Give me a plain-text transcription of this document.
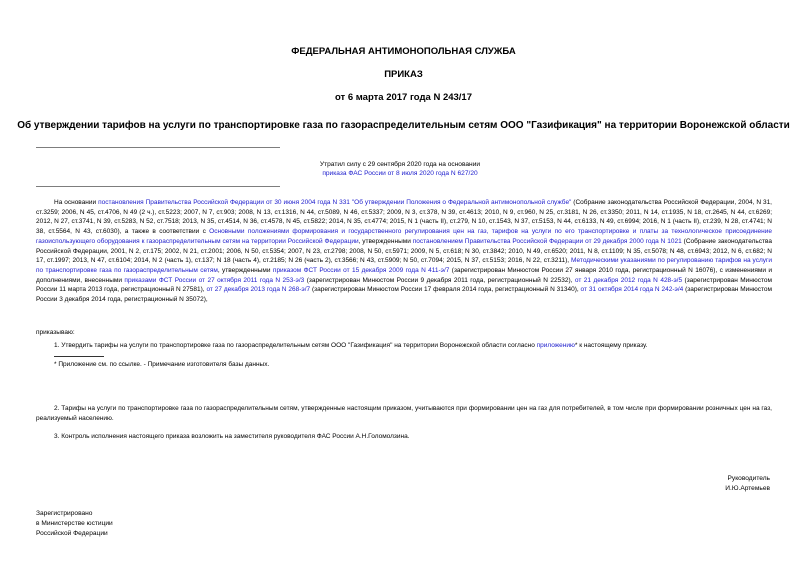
ФЕДЕРАЛЬНАЯ АНТИМОНОПОЛЬНАЯ СЛУЖБА
ПРИКАЗ
от 6 марта 2017 года N 243/17
Об утверждении тарифов на услуги по транспортировке газа по газораспределительным сетям ООО "Газификация" на территории Воронежской области
Утратил силу с 29 сентября 2020 года на основании
приказа ФАС России от 8 июля 2020 года N 627/20

На основании постановления Правительства Российской Федерации от 30 июня 2004 года N 331 "Об утверждении Положения о Федеральной антимонопольной службе" (Собрание законодательства Российской Федерации, 2004, N 31, ст.3259; 2006, N 45, ст.4706, N 49 (2 ч.), ст.5223; 2007, N 7, ст.903; 2008, N 13, ст.1316, N 44, ст.5089, N 46, ст.5337; 2009, N 3, ст.378, N 39, ст.4613; 2010, N 9, ст.960, N 25, ст.3181, N 26, ст.3350; 2011, N 14, ст.1935, N 18, ст.2645, N 44, ст.6269; 2012, N 27, ст.3741, N 39, ст.5283, N 52, ст.7518; 2013, N 35, ст.4514, N 36, ст.4578, N 45, ст.5822; 2014, N 35, ст.4774; 2015, N 1 (часть II), ст.279, N 10, ст.1543, N 37, ст.5153, N 44, ст.6133, N 49, ст.6994; 2016, N 1 (часть II), ст.239, N 28, ст.4741; N 38, ст.5564, N 43, ст.6030), а также в соответствии с Основными положениями формирования и государственного регулирования цен на газ, тарифов на услуги по его транспортировке и платы за технологическое присоединение газоиспользующего оборудования к газораспределительным сетям на территории Российской Федерации, утвержденными постановлением Правительства Российской Федерации от 29 декабря 2000 года N 1021 (Собрание законодательства Российской Федерации, 2001, N 2, ст.175; 2002, N 21, ст.2001; 2006, N 50, ст.5354; 2007, N 23, ст.2798; 2008, N 50, ст.5971; 2009, N 5, ст.618; N 30, ст.3842; 2010, N 49, ст.6520; 2011, N 8, ст.1109; N 35, ст.5078; N 48, ст.6943; 2012, N 6, ст.682; N 17, ст.1997; 2013, N 47, ст.6104; 2014, N 2 (часть 1), ст.137; N 18 (часть 4), ст.2185; N 26 (часть 2), ст.3566; N 43, ст.5909; N 50, ст.7094; 2015, N 37, ст.5153; 2016, N 22, ст.3211), Методическими указаниями по регулированию тарифов на услуги по транспортировке газа по газораспределительным сетям, утвержденными приказом ФСТ России от 15 декабря 2009 года N 411-э/7 (зарегистрирован Минюстом России 27 января 2010 года, регистрационный N 16076), с изменениями и дополнениями, внесенными приказами ФСТ России от 27 октября 2011 года N 253-э/3 (зарегистрирован Минюстом России 9 декабря 2011 года, регистрационный N 22532), от 21 декабря 2012 года N 428-э/5 (зарегистрирован Минюстом России 11 марта 2013 года, регистрационный N 27581), от 27 декабря 2013 года N 268-э/7 (зарегистрирован Минюстом России 17 февраля 2014 года, регистрационный N 31340), от 31 октября 2014 года N 242-э/4 (зарегистрирован Минюстом России 3 декабря 2014 года, регистрационный N 35072),

приказываю:

1. Утвердить тарифы на услуги по транспортировке газа по газораспределительным сетям ООО "Газификация" на территории Воронежской области согласно приложению* к настоящему приказу.

* Приложение см. по ссылке. - Примечание изготовителя базы данных.

2. Тарифы на услуги по транспортировке газа по газораспределительным сетям, утвержденные настоящим приказом, учитываются при формировании цен на газ для потребителей, в том числе при формировании розничных цен на газ, реализуемый населению.

3. Контроль исполнения настоящего приказа возложить на заместителя руководителя ФАС России А.Н.Голомолзина.

Руководитель
И.Ю.Артемьев
Зарегистрировано
в Министерстве юстиции
Российской Федерации
